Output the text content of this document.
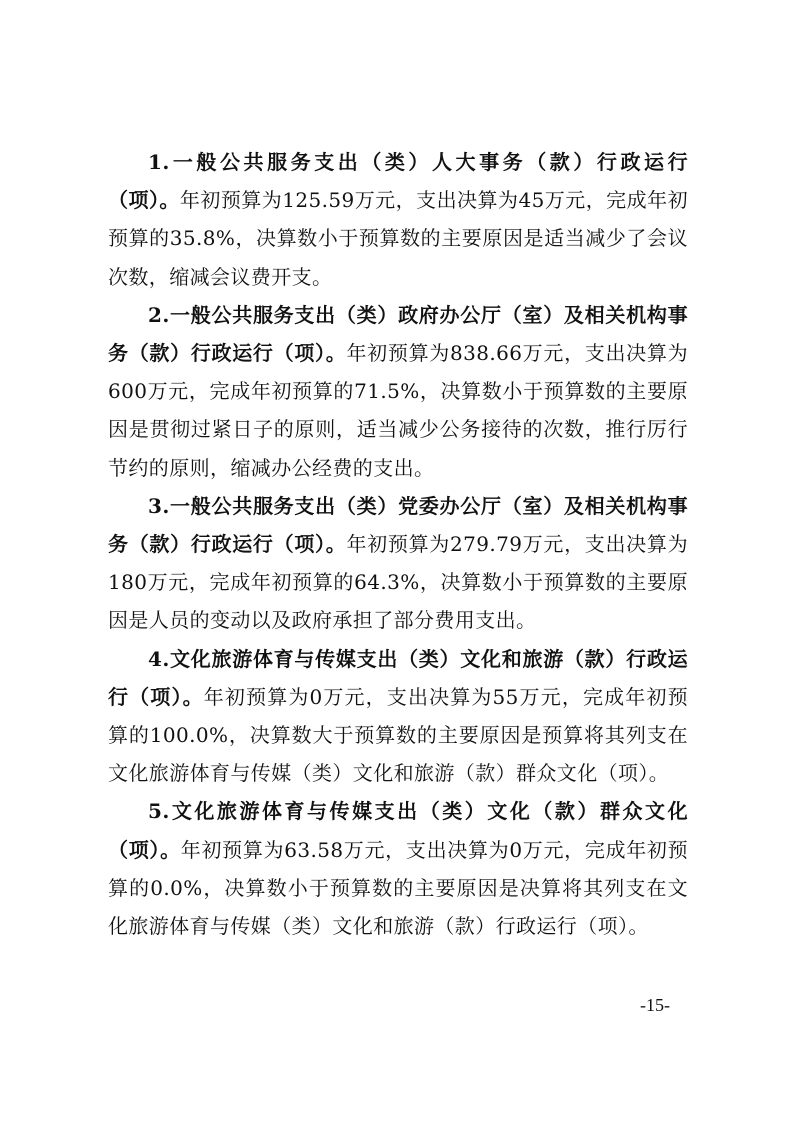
1.一般公共服务支出（类）人大事务（款）行政运行（项）。年初预算为125.59万元，支出决算为45万元，完成年初预算的35.8%，决算数小于预算数的主要原因是适当减少了会议次数，缩减会议费开支。

2.一般公共服务支出（类）政府办公厅（室）及相关机构事务（款）行政运行（项）。年初预算为838.66万元，支出决算为600万元，完成年初预算的71.5%，决算数小于预算数的主要原因是贯彻过紧日子的原则，适当减少公务接待的次数，推行厉行节约的原则，缩减办公经费的支出。

3.一般公共服务支出（类）党委办公厅（室）及相关机构事务（款）行政运行（项）。年初预算为279.79万元，支出决算为180万元，完成年初预算的64.3%，决算数小于预算数的主要原因是人员的变动以及政府承担了部分费用支出。

4.文化旅游体育与传媒支出（类）文化和旅游（款）行政运行（项）。年初预算为0万元，支出决算为55万元，完成年初预算的100.0%，决算数大于预算数的主要原因是预算将其列支在文化旅游体育与传媒（类）文化和旅游（款）群众文化（项）。

5.文化旅游体育与传媒支出（类）文化（款）群众文化（项）。年初预算为63.58万元，支出决算为0万元，完成年初预算的0.0%，决算数小于预算数的主要原因是决算将其列支在文化旅游体育与传媒（类）文化和旅游（款）行政运行（项）。

-15-
